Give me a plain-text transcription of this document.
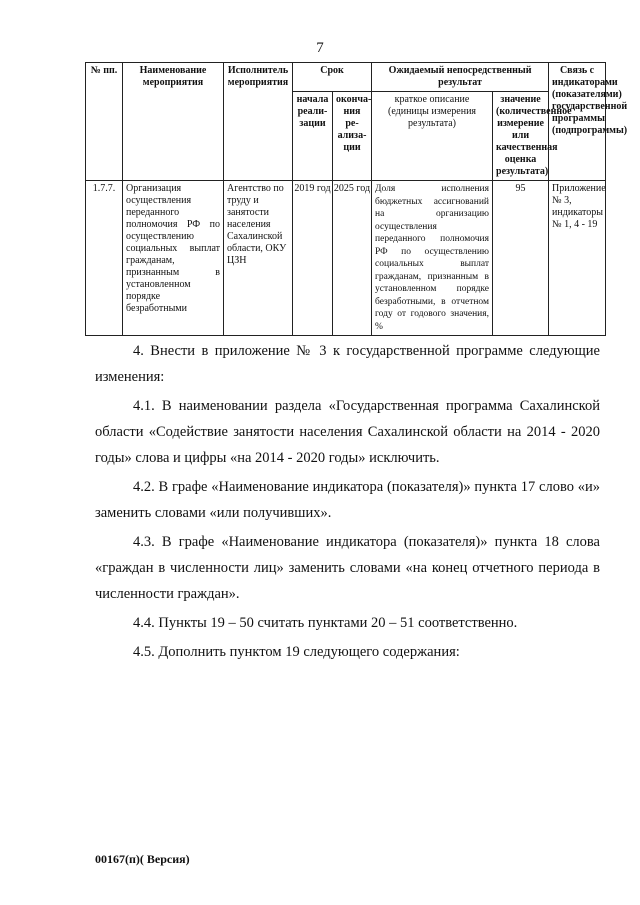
7
№ пп.	Наименование мероприятия	Исполнитель мероприятия	Срок		Ожидаемый непосредственный результат		Связь с индикаторами (показателями) государственной программы (подпрограммы)
			начала реали-зации	оконча-ния ре-ализа-ции	краткое описание (единицы измерения результата)	значение (количественное измерение или качественная оценка результата)	
1.7.7.	Организация осуществления переданного полномочия РФ по осуществлению социальных выплат гражданам, признанным в установленном порядке безработными	Агентство по труду и занятости населения Сахалинской области, ОКУ ЦЗН	2019 год	2025 год	Доля исполнения бюджетных ассигнований на организацию осуществления переданного полномочия РФ по осуществлению социальных выплат гражданам, признанным в установленном порядке безработными, в отчетном году от годового значения, %	95	Приложение № 3, индикаторы № 1, 4 - 19

4. Внести в приложение № 3 к государственной программе следующие изменения:

4.1. В наименовании раздела «Государственная программа Сахалинской области «Содействие занятости населения Сахалинской области на 2014 - 2020 годы» слова и цифры «на 2014 - 2020 годы» исключить.

4.2. В графе «Наименование индикатора (показателя)» пункта 17 слово «и» заменить словами «или получивших».

4.3. В графе «Наименование индикатора (показателя)» пункта 18 слова «граждан в численности лиц» заменить словами «на конец отчетного периода в численности граждан».

4.4. Пункты 19 – 50 считать пунктами 20 – 51 соответственно.

4.5. Дополнить пунктом 19 следующего содержания:

00167(п)( Версия)
